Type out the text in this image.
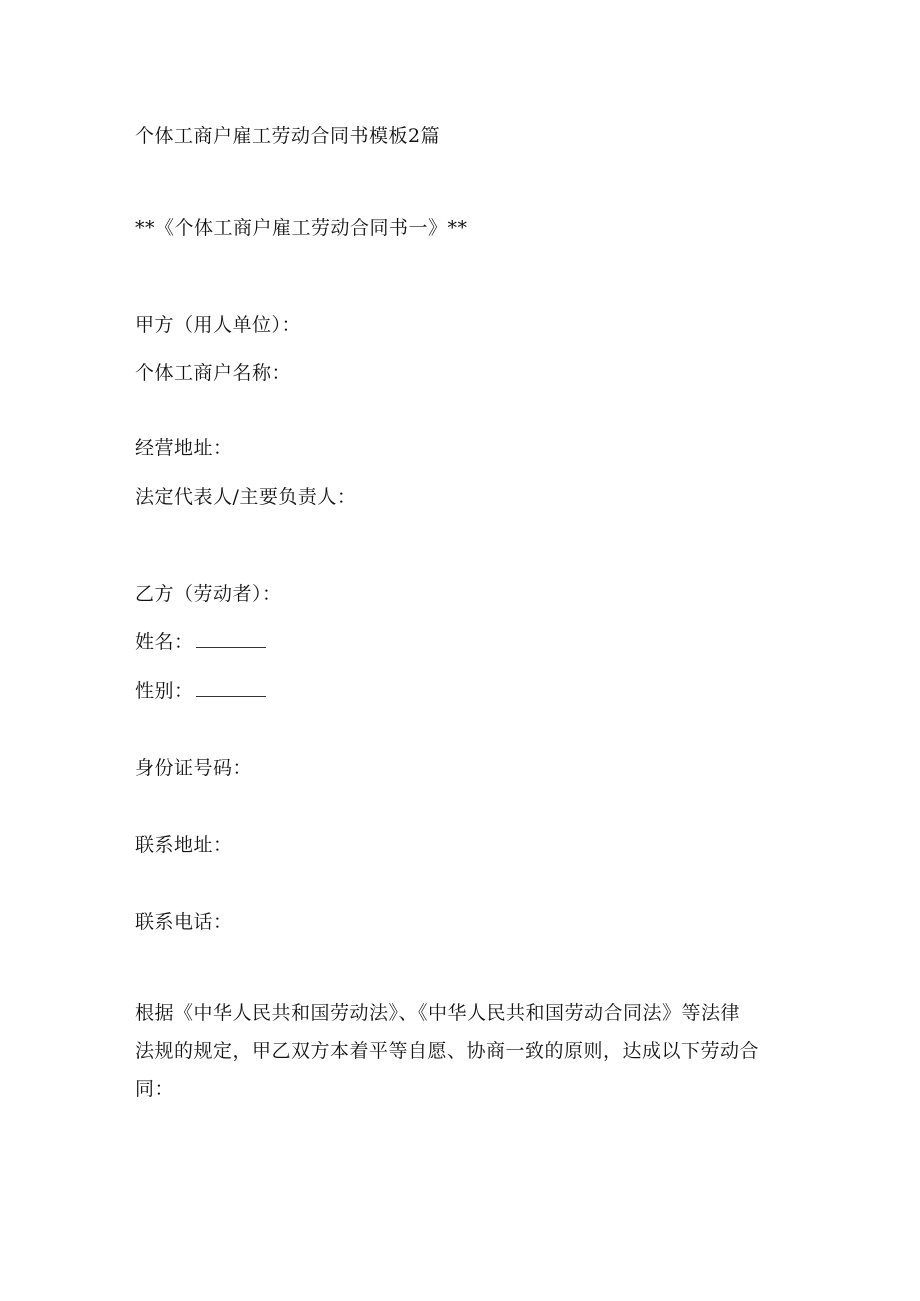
个体工商户雇工劳动合同书模板2篇
**《个体工商户雇工劳动合同书一》**
甲方（用人单位）：
个体工商户名称：
经营地址：
法定代表人/主要负责人：
乙方（劳动者）：
姓名：
性别：
身份证号码：
联系地址：
联系电话：
根据《中华人民共和国劳动法》、《中华人民共和国劳动合同法》等法律
法规的规定，甲乙双方本着平等自愿、协商一致的原则，达成以下劳动合
同：
